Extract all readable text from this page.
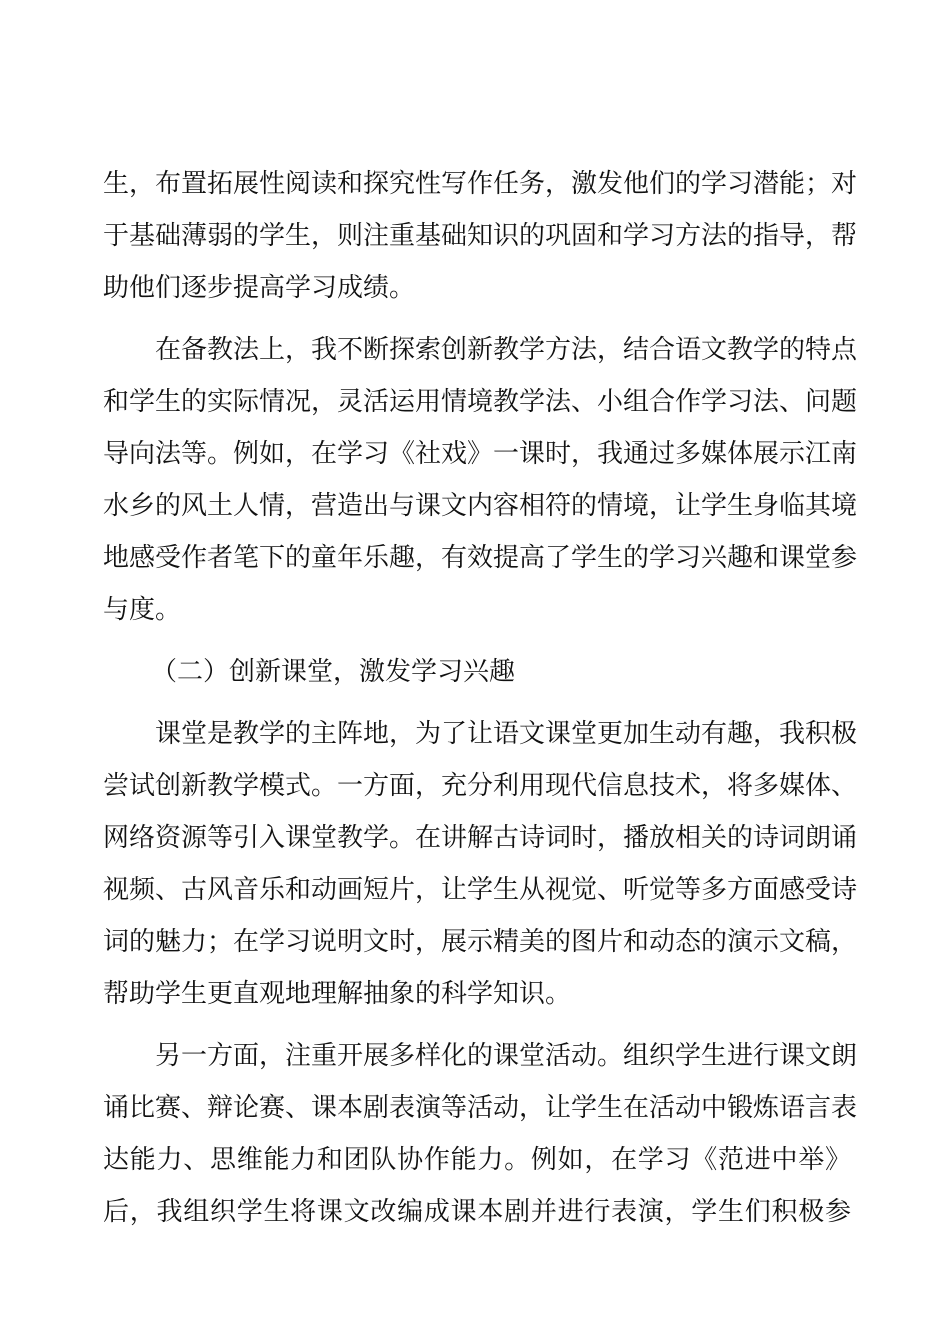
生，布置拓展性阅读和探究性写作任务，激发他们的学习潜能；对
于基础薄弱的学生，则注重基础知识的巩固和学习方法的指导，帮
助他们逐步提高学习成绩。
在备教法上，我不断探索创新教学方法，结合语文教学的特点
和学生的实际情况，灵活运用情境教学法、小组合作学习法、问题
导向法等。例如，在学习《社戏》一课时，我通过多媒体展示江南
水乡的风土人情，营造出与课文内容相符的情境，让学生身临其境
地感受作者笔下的童年乐趣，有效提高了学生的学习兴趣和课堂参
与度。
（二）创新课堂，激发学习兴趣
课堂是教学的主阵地，为了让语文课堂更加生动有趣，我积极
尝试创新教学模式。一方面，充分利用现代信息技术，将多媒体、
网络资源等引入课堂教学。在讲解古诗词时，播放相关的诗词朗诵
视频、古风音乐和动画短片，让学生从视觉、听觉等多方面感受诗
词的魅力；在学习说明文时，展示精美的图片和动态的演示文稿，
帮助学生更直观地理解抽象的科学知识。
另一方面，注重开展多样化的课堂活动。组织学生进行课文朗
诵比赛、辩论赛、课本剧表演等活动，让学生在活动中锻炼语言表
达能力、思维能力和团队协作能力。例如，在学习《范进中举》
后，我组织学生将课文改编成课本剧并进行表演，学生们积极参
